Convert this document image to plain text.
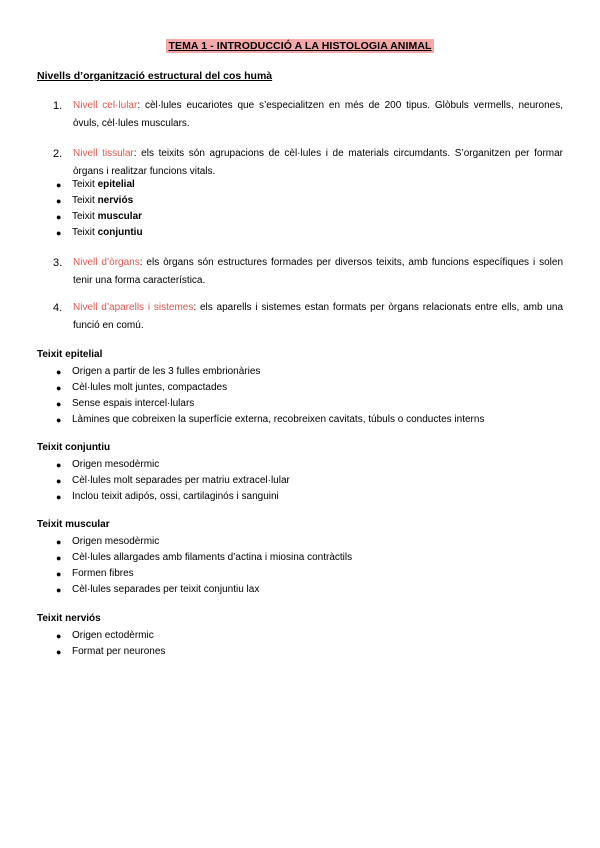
TEMA 1 - INTRODUCCIÓ A LA HISTOLOGIA ANIMAL
Nivells d’organització estructural del cos humà
1. Nivell cel·lular: cèl·lules eucariotes que s’especialitzen en més de 200 tipus. Glòbuls vermells, neurones, òvuls, cèl·lules musculars.
2. Nivell tissular: els teixits són agrupacions de cèl·lules i de materials circumdants. S’organitzen per formar òrgans i realitzar funcions vitals.
● Teixit epitelial
● Teixit nerviós
● Teixit muscular
● Teixit conjuntiu
3. Nivell d’òrgans: els òrgans són estructures formades per diversos teixits, amb funcions específiques i solen tenir una forma característica.
4. Nivell d’aparells i sistemes: els aparells i sistemes estan formats per òrgans relacionats entre ells, amb una funció en comú.
Teixit epitelial
● Origen a partir de les 3 fulles embrionàries
● Cèl·lules molt juntes, compactades
● Sense espais intercel·lulars
● Làmines que cobreixen la superfície externa, recobreixen cavitats, túbuls o conductes interns
Teixit conjuntiu
● Origen mesodèrmic
● Cèl·lules molt separades per matriu extracel·lular
● Inclou teixit adipós, ossi, cartilaginós i sanguini
Teixit muscular
● Origen mesodèrmic
● Cèl·lules allargades amb filaments d’actina i miosina contràctils
● Formen fibres
● Cèl·lules separades per teixit conjuntiu lax
Teixit nerviós
● Origen ectodèrmic
● Format per neurones
